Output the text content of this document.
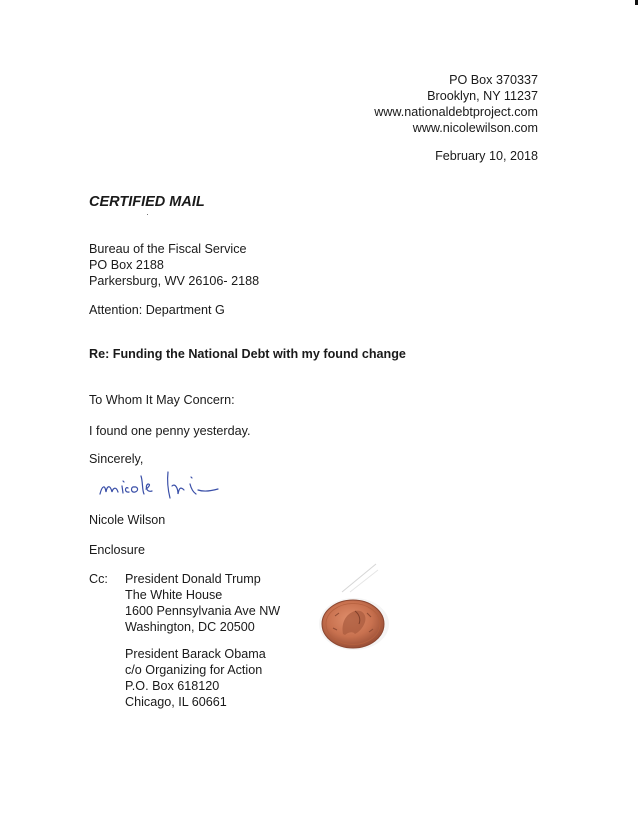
PO Box 370337
Brooklyn, NY 11237
www.nationaldebtproject.com
www.nicolewilson.com
February 10, 2018
CERTIFIED MAIL
Bureau of the Fiscal Service
PO Box 2188
Parkersburg, WV 26106- 2188
Attention: Department G
Re: Funding the National Debt with my found change
To Whom It May Concern:
I found one penny yesterday.
Sincerely,
Nicole Wilson
Enclosure
Cc: President Donald Trump
The White House
1600 Pennsylvania Ave NW
Washington, DC 20500
President Barack Obama
c/o Organizing for Action
P.O. Box 618120
Chicago, IL 60661
